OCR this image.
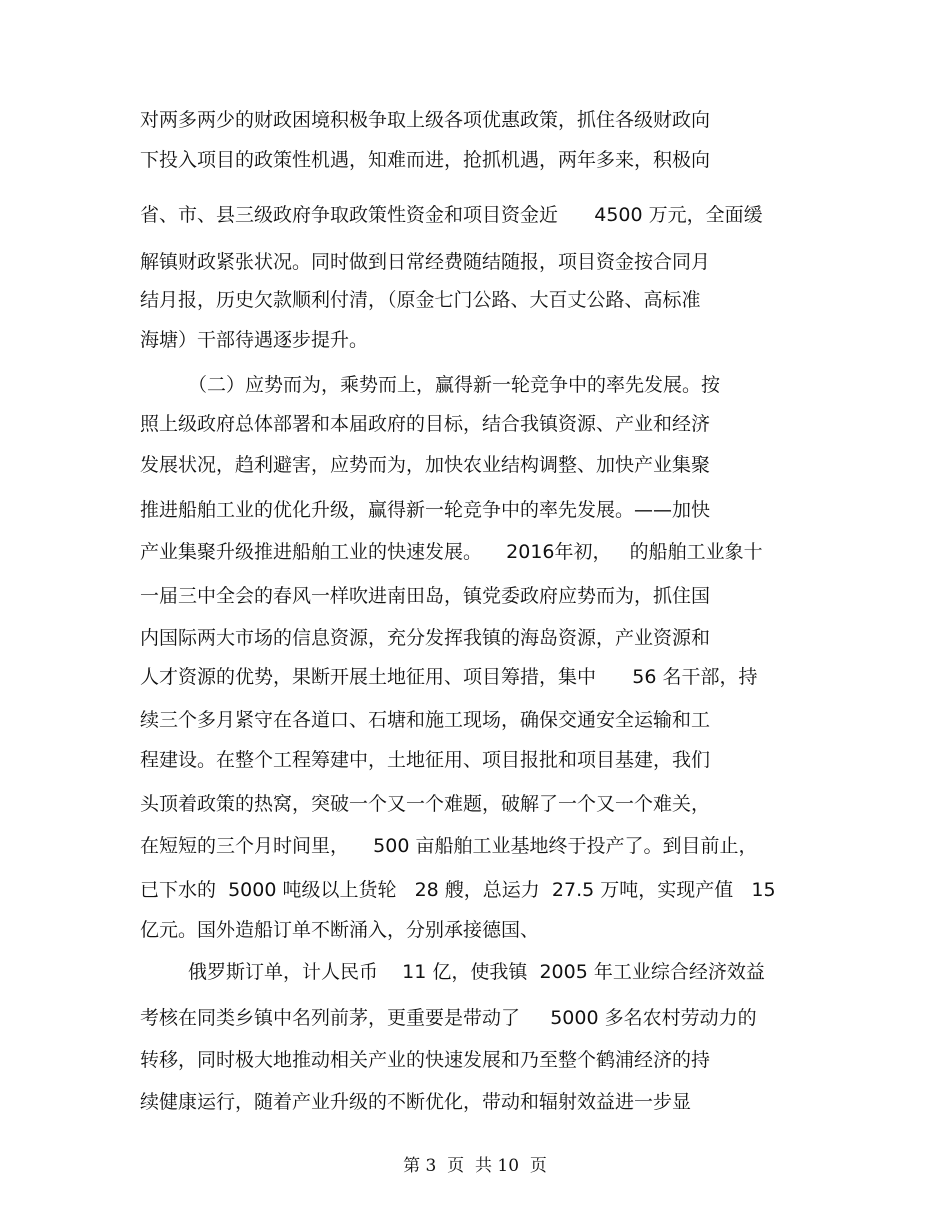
对两多两少的财政困境积极争取上级各项优惠政策，抓住各级财政向
下投入项目的政策性机遇，知难而进，抢抓机遇，两年多来，积极向
省、市、县三级政府争取政策性资金和项目资金近      4500 万元，全面缓
解镇财政紧张状况。同时做到日常经费随结随报，项目资金按合同月
结月报，历史欠款顺利付清，（原金七门公路、大百丈公路、高标准
海塘）干部待遇逐步提升。
（二）应势而为，乘势而上，赢得新一轮竞争中的率先发展。按
照上级政府总体部署和本届政府的目标，结合我镇资源、产业和经济
发展状况，趋利避害，应势而为，加快农业结构调整、加快产业集聚
推进船舶工业的优化升级，赢得新一轮竞争中的率先发展。——加快
产业集聚升级推进船舶工业的快速发展。    2016年初，   的船舶工业象十
一届三中全会的春风一样吹进南田岛，镇党委政府应势而为，抓住国
内国际两大市场的信息资源，充分发挥我镇的海岛资源，产业资源和
人才资源的优势，果断开展土地征用、项目筹措，集中      56 名干部，持
续三个多月紧守在各道口、石塘和施工现场，确保交通安全运输和工
程建设。在整个工程筹建中，土地征用、项目报批和项目基建，我们
头顶着政策的热窝，突破一个又一个难题，破解了一个又一个难关，
在短短的三个月时间里，    500 亩船舶工业基地终于投产了。到目前止，
已下水的  5000 吨级以上货轮   28 艘，总运力  27.5 万吨，实现产值   15
亿元。国外造船订单不断涌入，分别承接德国、
俄罗斯订单，计人民币    11 亿，使我镇  2005 年工业综合经济效益
考核在同类乡镇中名列前茅，更重要是带动了     5000 多名农村劳动力的
转移，同时极大地推动相关产业的快速发展和乃至整个鹤浦经济的持
续健康运行，随着产业升级的不断优化，带动和辐射效益进一步显
第 3  页  共 10  页
